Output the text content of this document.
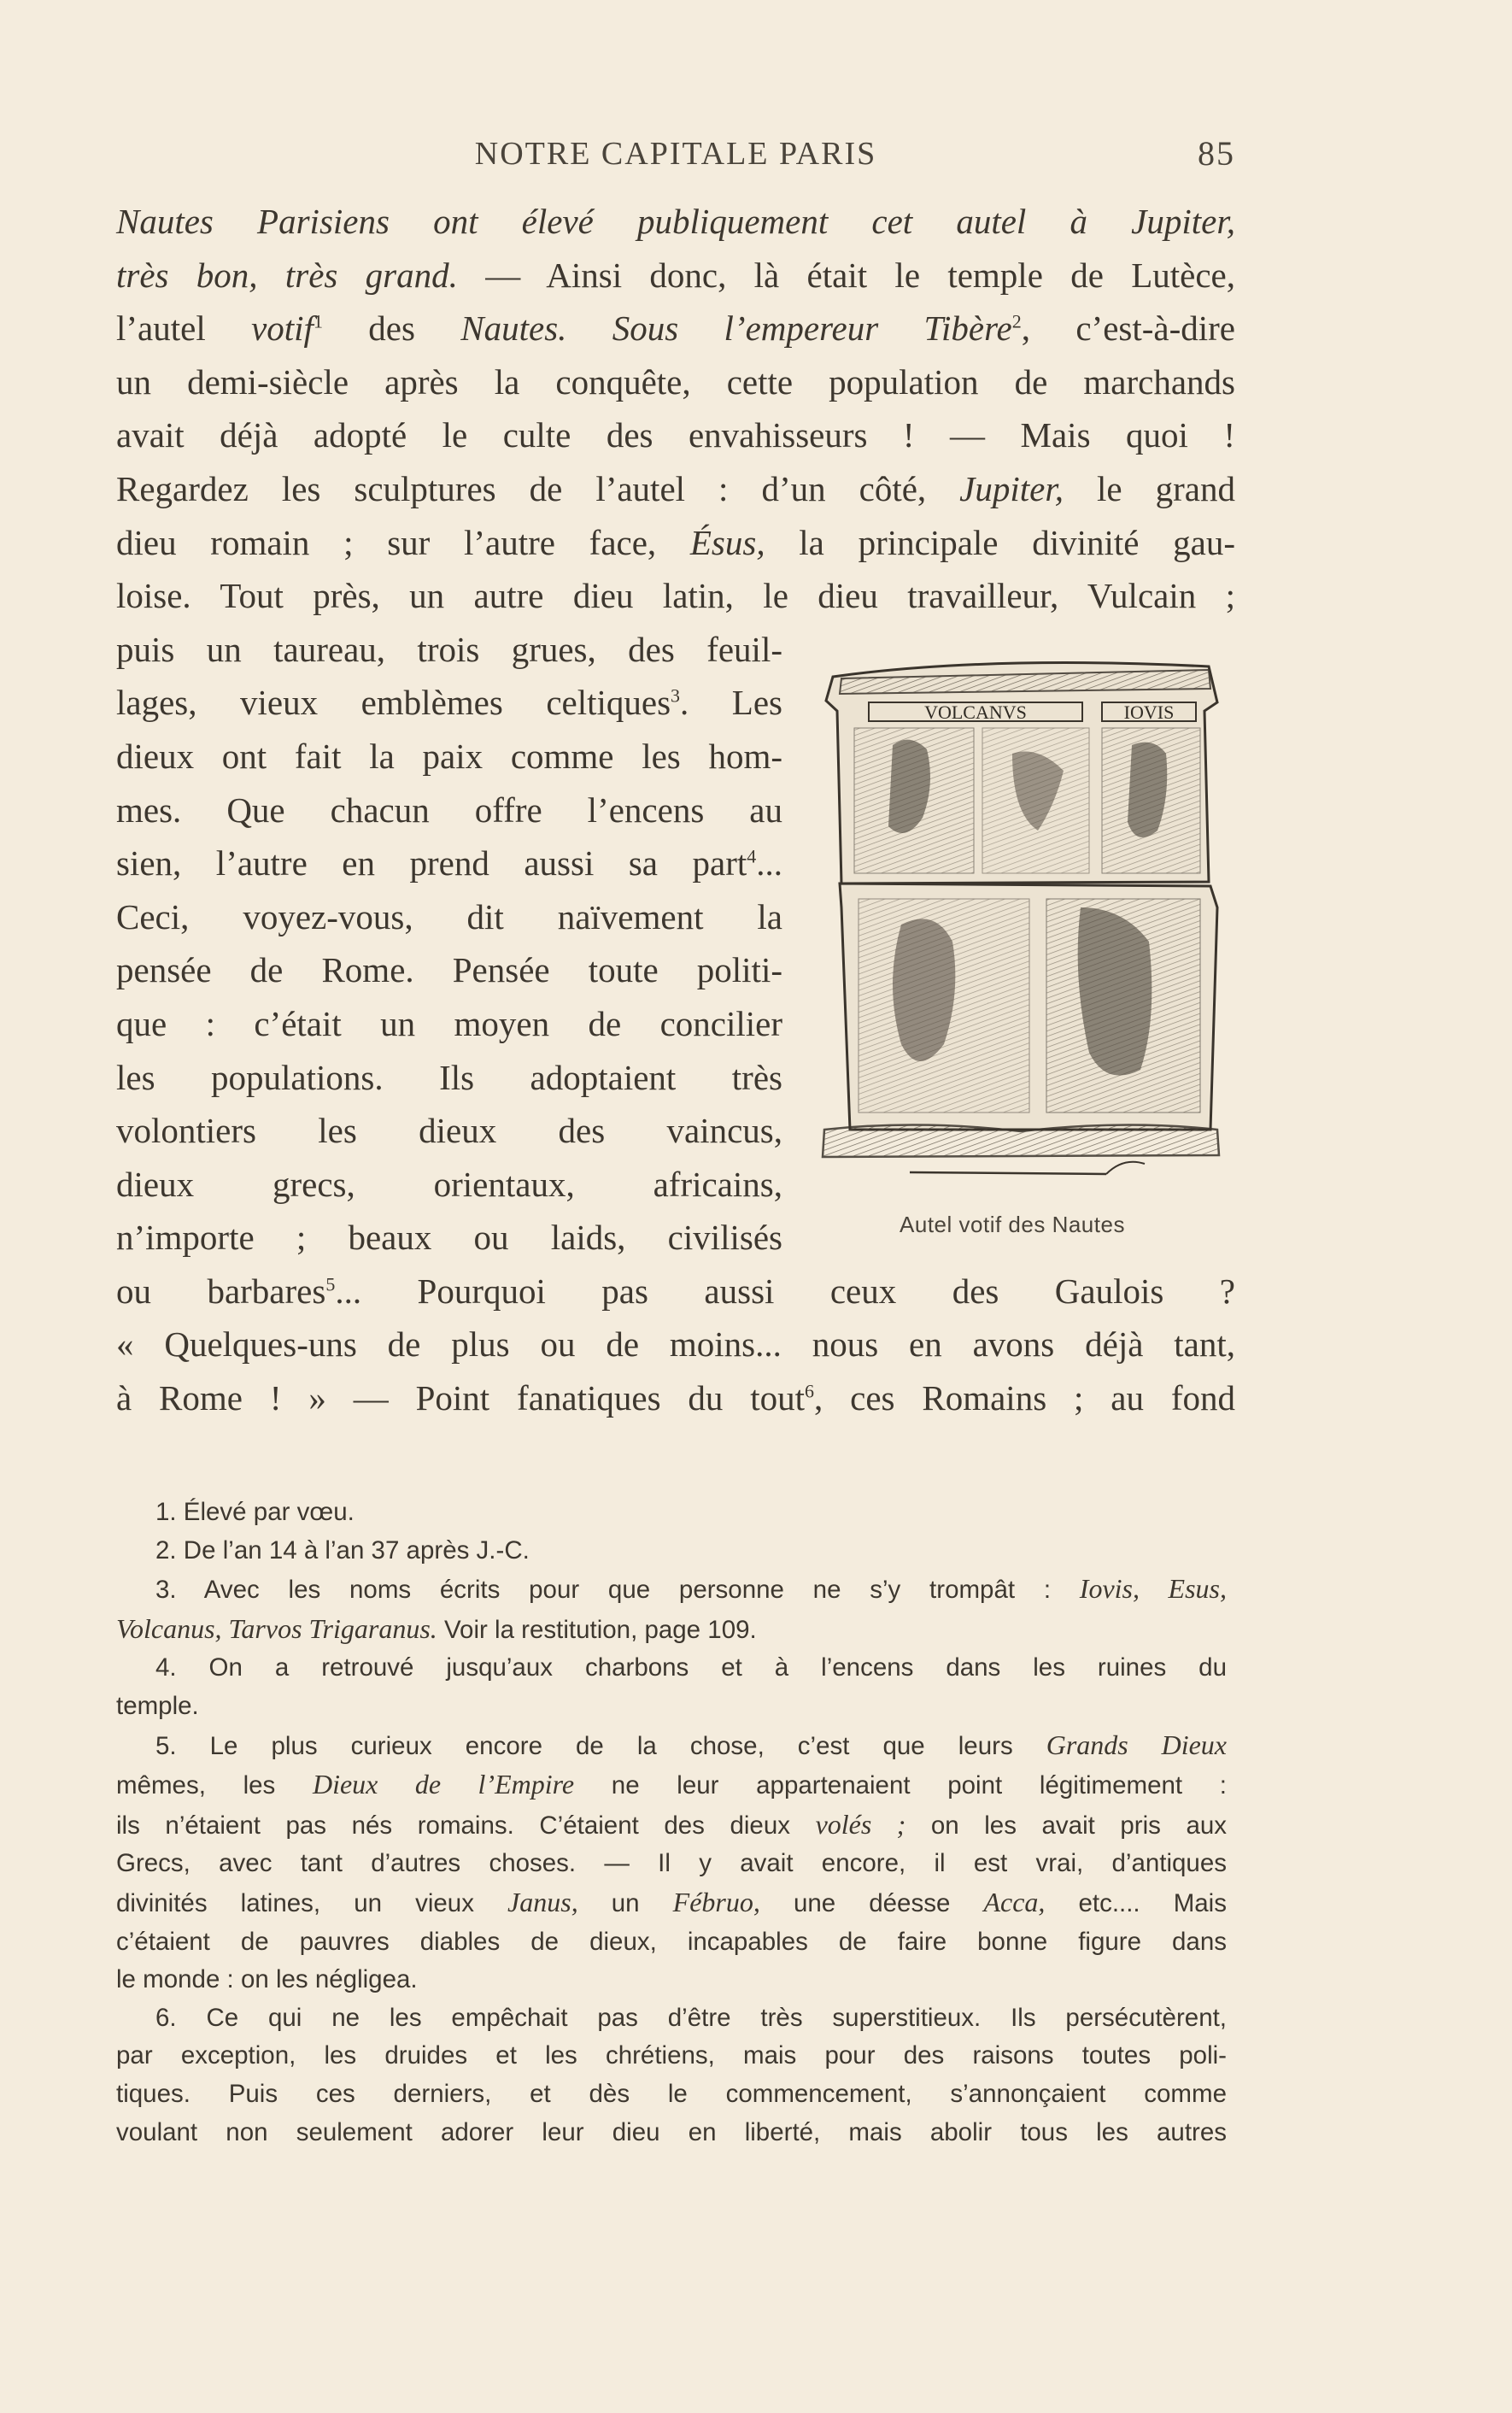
NOTRE CAPITALE PARIS	85
Nautes Parisiens ont élevé publiquement cet autel à Jupiter,
très bon, très grand. — Ainsi donc, là était le temple de Lutèce,
l’autel votif$^1$ des Nautes. Sous l’empereur Tibère$^2$, c’est-à-dire
un demi-siècle après la conquête, cette population de marchands
avait déjà adopté le culte des envahisseurs ! — Mais quoi !
Regardez les sculptures de l’autel : d’un côté, Jupiter, le grand
dieu romain ; sur l’autre face, Ésus, la principale divinité gau-
loise. Tout près, un autre dieu latin, le dieu travailleur, Vulcain ;
puis un taureau, trois grues, des feuil-
lages, vieux emblèmes celtiques$^3$. Les
dieux ont fait la paix comme les hom-
mes. Que chacun offre l’encens au
sien, l’autre en prend aussi sa part$^4$...
Ceci, voyez-vous, dit naïvement la
pensée de Rome. Pensée toute politi-
que : c’était un moyen de concilier
les populations. Ils adoptaient très
volontiers les dieux des vaincus,
dieux grecs, orientaux, africains,
n’importe ; beaux ou laids, civilisés
ou barbares$^5$... Pourquoi pas aussi ceux des Gaulois ?
« Quelques-uns de plus ou de moins... nous en avons déjà tant,
à Rome ! » — Point fanatiques du tout$^6$, ces Romains ; au fond
VOLCANVS	IOVIS
Autel votif des Nautes
1. Élevé par vœu.
2. De l’an 14 à l’an 37 après J.-C.
3. Avec les noms écrits pour que personne ne s’y trompât : Iovis, Esus,
Volcanus, Tarvos Trigaranus. Voir la restitution, page 109.
4. On a retrouvé jusqu’aux charbons et à l’encens dans les ruines du
temple.
5. Le plus curieux encore de la chose, c’est que leurs Grands Dieux
mêmes, les Dieux de l’Empire ne leur appartenaient point légitimement :
ils n’étaient pas nés romains. C’étaient des dieux volés ; on les avait pris aux
Grecs, avec tant d’autres choses. — Il y avait encore, il est vrai, d’antiques
divinités latines, un vieux Janus, un Fébruo, une déesse Acca, etc.... Mais
c’étaient de pauvres diables de dieux, incapables de faire bonne figure dans
le monde : on les négligea.
6. Ce qui ne les empêchait pas d’être très superstitieux. Ils persécutèrent,
par exception, les druides et les chrétiens, mais pour des raisons toutes poli-
tiques. Puis ces derniers, et dès le commencement, s’annonçaient comme
voulant non seulement adorer leur dieu en liberté, mais abolir tous les autres
